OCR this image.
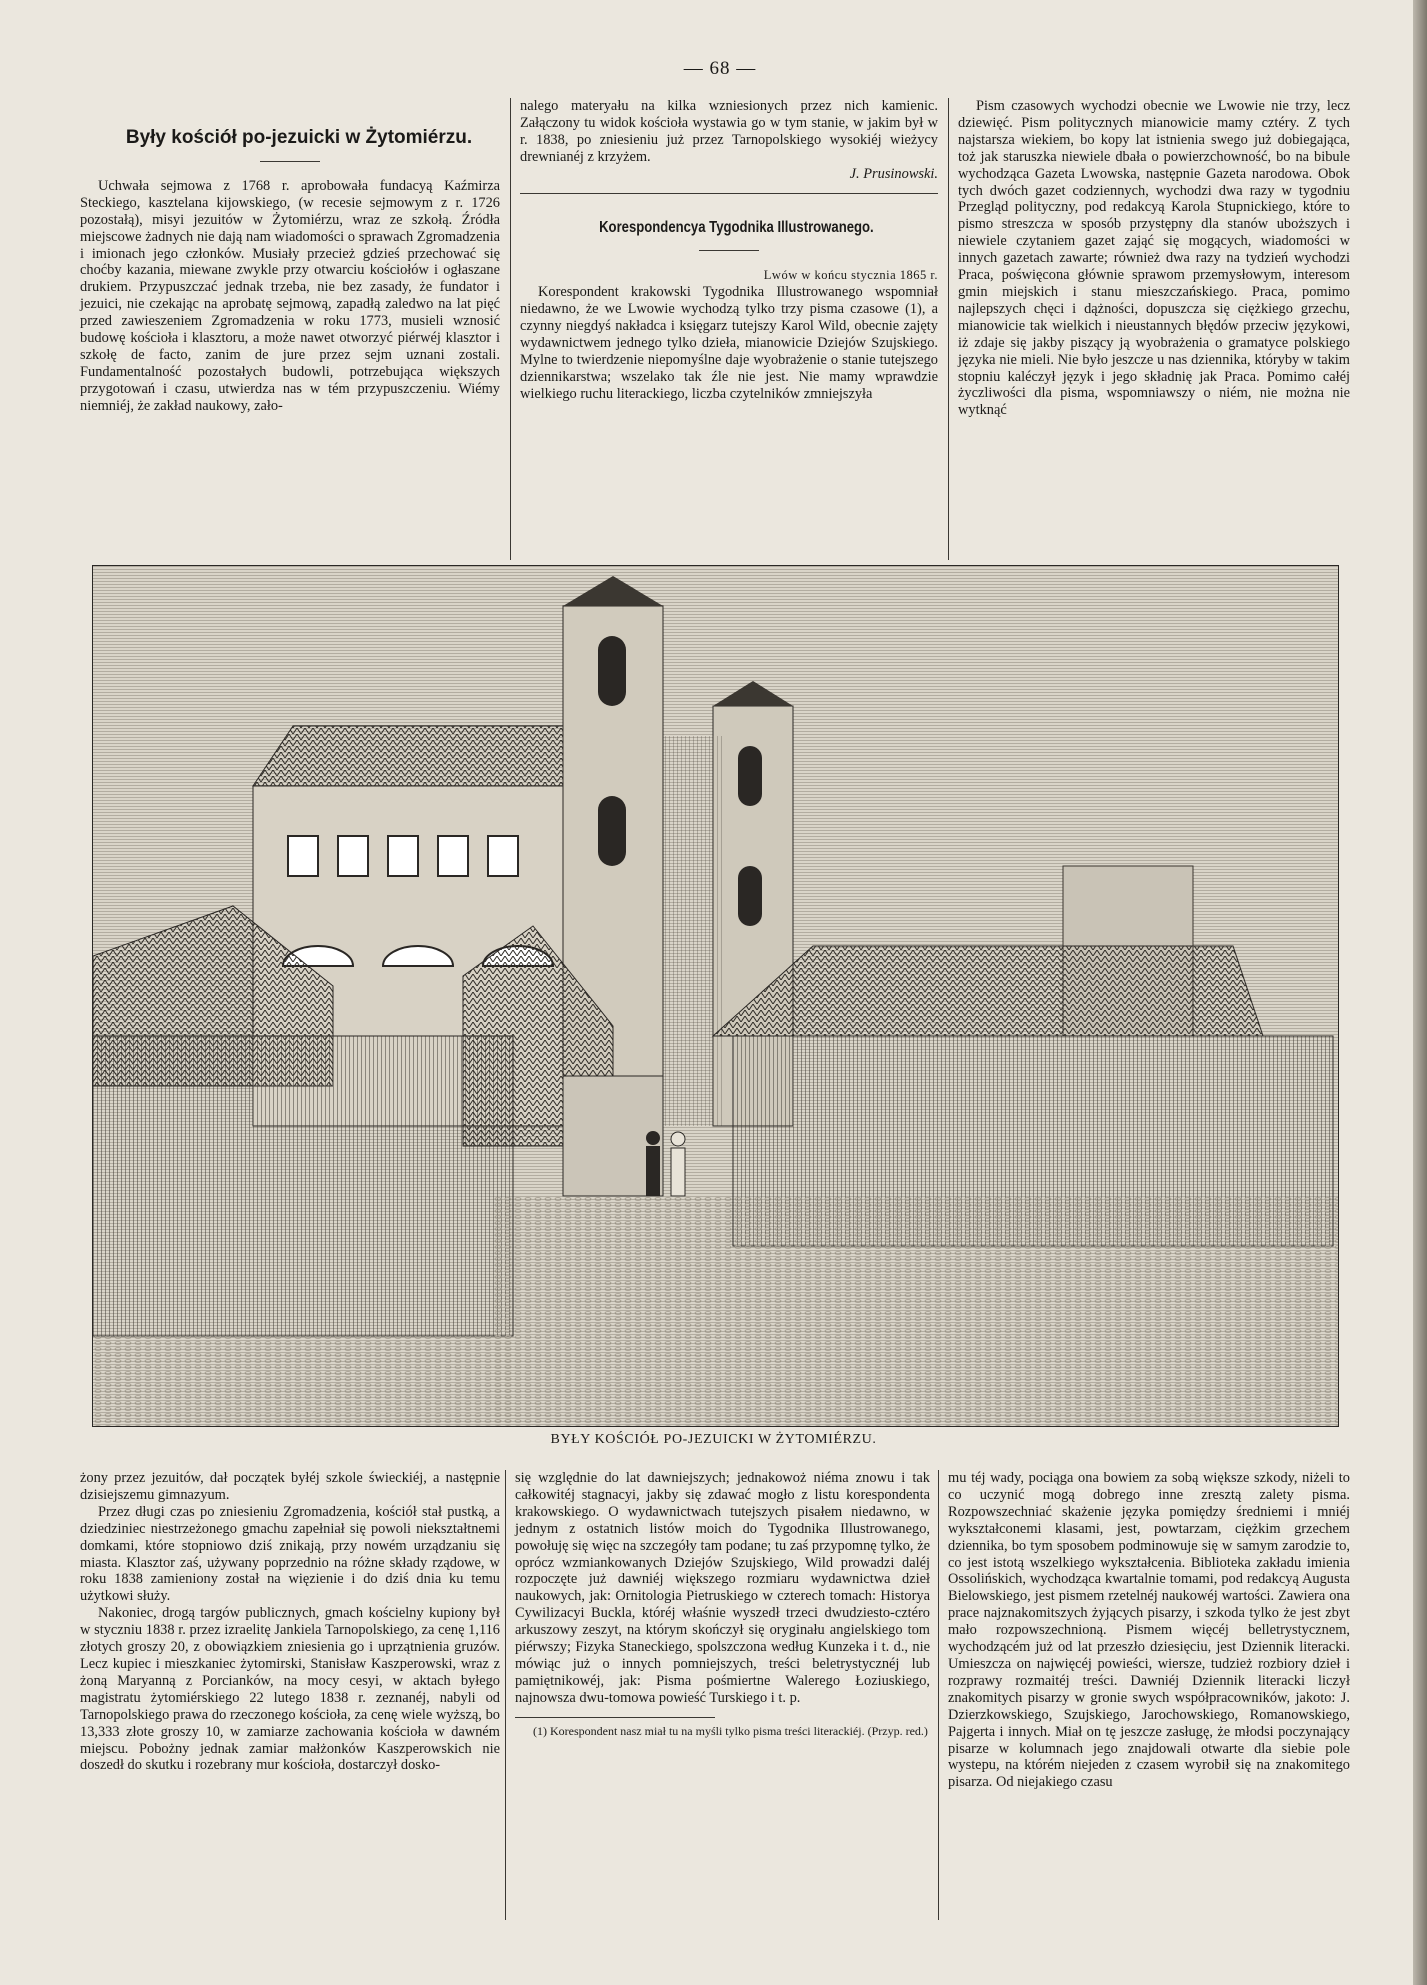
— 68 —

Były kościół po-jezuicki w Żytomiérzu.

Uchwała sejmowa z 1768 r. aprobowała fundacyą Kaźmirza Steckiego, kasztelana kijowskiego, (w recesie sejmowym z r. 1726 pozostałą), misyi jezuitów w Żytomiérzu, wraz ze szkołą. Źródła miejscowe żadnych nie dają nam wiadomości o sprawach Zgromadzenia i imionach jego członków. Musiały przecież gdzieś przechować się choćby kazania, miewane zwykle przy otwarciu kościołów i ogłaszane drukiem. Przypuszczać jednak trzeba, nie bez zasady, że fundator i jezuici, nie czekając na aprobatę sejmową, zapadłą zaledwo na lat pięć przed zawieszeniem Zgromadzenia w roku 1773, musieli wznosić budowę kościoła i klasztoru, a może nawet otworzyć piérwéj klasztor i szkołę de facto, zanim de jure przez sejm uznani zostali. Fundamentalność pozostałych budowli, potrzebująca większych przygotowań i czasu, utwierdza nas w tém przypuszczeniu. Wiémy niemniéj, że zakład naukowy, zało-

nalego materyału na kilka wzniesionych przez nich kamienic. Załączony tu widok kościoła wystawia go w tym stanie, w jakim był w r. 1838, po zniesieniu już przez Tarnopolskiego wysokiéj wieżycy drewnianéj z krzyżem.

J. Prusinowski.

Korespondencya Tygodnika Illustrowanego.

Lwów w końcu stycznia 1865 r.

Korespondent krakowski Tygodnika Illustrowanego wspomniał niedawno, że we Lwowie wychodzą tylko trzy pisma czasowe (1), a czynny niegdyś nakładca i księgarz tutejszy Karol Wild, obecnie zajęty wydawnictwem jednego tylko dzieła, mianowicie Dziejów Szujskiego. Mylne to twierdzenie niepomyślne daje wyobrażenie o stanie tutejszego dziennikarstwa; wszelako tak źle nie jest. Nie mamy wprawdzie wielkiego ruchu literackiego, liczba czytelników zmniejszyła

Pism czasowych wychodzi obecnie we Lwowie nie trzy, lecz dziewięć. Pism politycznych mianowicie mamy cztéry. Z tych najstarsza wiekiem, bo kopy lat istnienia swego już dobiegająca, toż jak staruszka niewiele dbała o powierzchowność, bo na bibule wychodząca Gazeta Lwowska, następnie Gazeta narodowa. Obok tych dwóch gazet codziennych, wychodzi dwa razy w tygodniu Przegląd polityczny, pod redakcyą Karola Stupnickiego, które to pismo streszcza w sposób przystępny dla stanów uboższych i niewiele czytaniem gazet zająć się mogących, wiadomości w innych gazetach zawarte; również dwa razy na tydzień wychodzi Praca, poświęcona głównie sprawom przemysłowym, interesom gmin miejskich i stanu mieszczańskiego. Praca, pomimo najlepszych chęci i dążności, dopuszcza się ciężkiego grzechu, mianowicie tak wielkich i nieustannych błędów przeciw językowi, iż zdaje się jakby piszący ją wyobrażenia o gramatyce polskiego języka nie mieli. Nie było jeszcze u nas dziennika, któryby w takim stopniu kaléczył język i jego składnię jak Praca. Pomimo całéj życzliwości dla pisma, wspomniawszy o niém, nie można nie wytknąć

BYŁY KOŚCIÓŁ PO-JEZUICKI W ŻYTOMIÉRZU.

żony przez jezuitów, dał początek byłéj szkole świeckiéj, a następnie dzisiejszemu gimnazyum.

Przez długi czas po zniesieniu Zgromadzenia, kościół stał pustką, a dziedziniec niestrzeżonego gmachu zapełniał się powoli niekształtnemi domkami, które stopniowo dziś znikają, przy nowém urządzaniu się miasta. Klasztor zaś, używany poprzednio na różne składy rządowe, w roku 1838 zamieniony został na więzienie i do dziś dnia ku temu użytkowi służy.

Nakoniec, drogą targów publicznych, gmach kościelny kupiony był w styczniu 1838 r. przez izraelitę Jankiela Tarnopolskiego, za cenę 1,116 złotych groszy 20, z obowiązkiem zniesienia go i uprzątnienia gruzów. Lecz kupiec i mieszkaniec żytomirski, Stanisław Kaszperowski, wraz z żoną Maryanną z Porcianków, na mocy cesyi, w aktach byłego magistratu żytomiérskiego 22 lutego 1838 r. zeznanéj, nabyli od Tarnopolskiego prawa do rzeczonego kościoła, za cenę wiele wyższą, bo 13,333 złote groszy 10, w zamiarze zachowania kościoła w dawném miejscu. Pobożny jednak zamiar małżonków Kaszperowskich nie doszedł do skutku i rozebrany mur kościoła, dostarczył dosko-

się względnie do lat dawniejszych; jednakowoż niéma znowu i tak całkowitéj stagnacyi, jakby się zdawać mogło z listu korespondenta krakowskiego. O wydawnictwach tutejszych pisałem niedawno, w jednym z ostatnich listów moich do Tygodnika Illustrowanego, powołuję się więc na szczegóły tam podane; tu zaś przypomnę tylko, że oprócz wzmiankowanych Dziejów Szujskiego, Wild prowadzi daléj rozpoczęte już dawniéj większego rozmiaru wydawnictwa dzieł naukowych, jak: Ornitologia Pietruskiego w czterech tomach: Historya Cywilizacyi Buckla, któréj właśnie wyszedł trzeci dwudziesto-cztéro arkuszowy zeszyt, na którym skończył się oryginału angielskiego tom piérwszy; Fizyka Staneckiego, spolszczona według Kunzeka i t. d., nie mówiąc już o innych pomniejszych, treści beletrystycznéj lub pamiętnikowéj, jak: Pisma pośmiertne Walerego Łoziuskiego, najnowsza dwu-tomowa powieść Turskiego i t. p.

(1) Korespondent nasz miał tu na myśli tylko pisma treści literackiéj. (Przyp. red.)

mu téj wady, pociąga ona bowiem za sobą większe szkody, niżeli to co uczynić mogą dobrego inne zresztą zalety pisma. Rozpowszechniać skażenie języka pomiędzy średniemi i mniéj wykształconemi klasami, jest, powtarzam, ciężkim grzechem dziennika, bo tym sposobem podminowuje się w samym zarodzie to, co jest istotą wszelkiego wykształcenia. Biblioteka zakładu imienia Ossolińskich, wychodząca kwartalnie tomami, pod redakcyą Augusta Bielowskiego, jest pismem rzetelnéj naukowéj wartości. Zawiera ona prace najznakomitszych żyjących pisarzy, i szkoda tylko że jest zbyt mało rozpowszechnioną. Pismem więcéj belletrystycznem, wychodzącém już od lat przeszło dziesięciu, jest Dziennik literacki. Umieszcza on najwięcéj powieści, wiersze, tudzież rozbiory dzieł i rozprawy rozmaitéj treści. Dawniéj Dziennik literacki liczył znakomitych pisarzy w gronie swych współpracowników, jakoto: J. Dzierzkowskiego, Szujskiego, Jarochowskiego, Romanowskiego, Pajgerta i innych. Miał on tę jeszcze zasługę, że młodsi poczynający pisarze w kolumnach jego znajdowali otwarte dla siebie pole wystepu, na którém niejeden z czasem wyrobił się na znakomitego pisarza. Od niejakiego czasu
